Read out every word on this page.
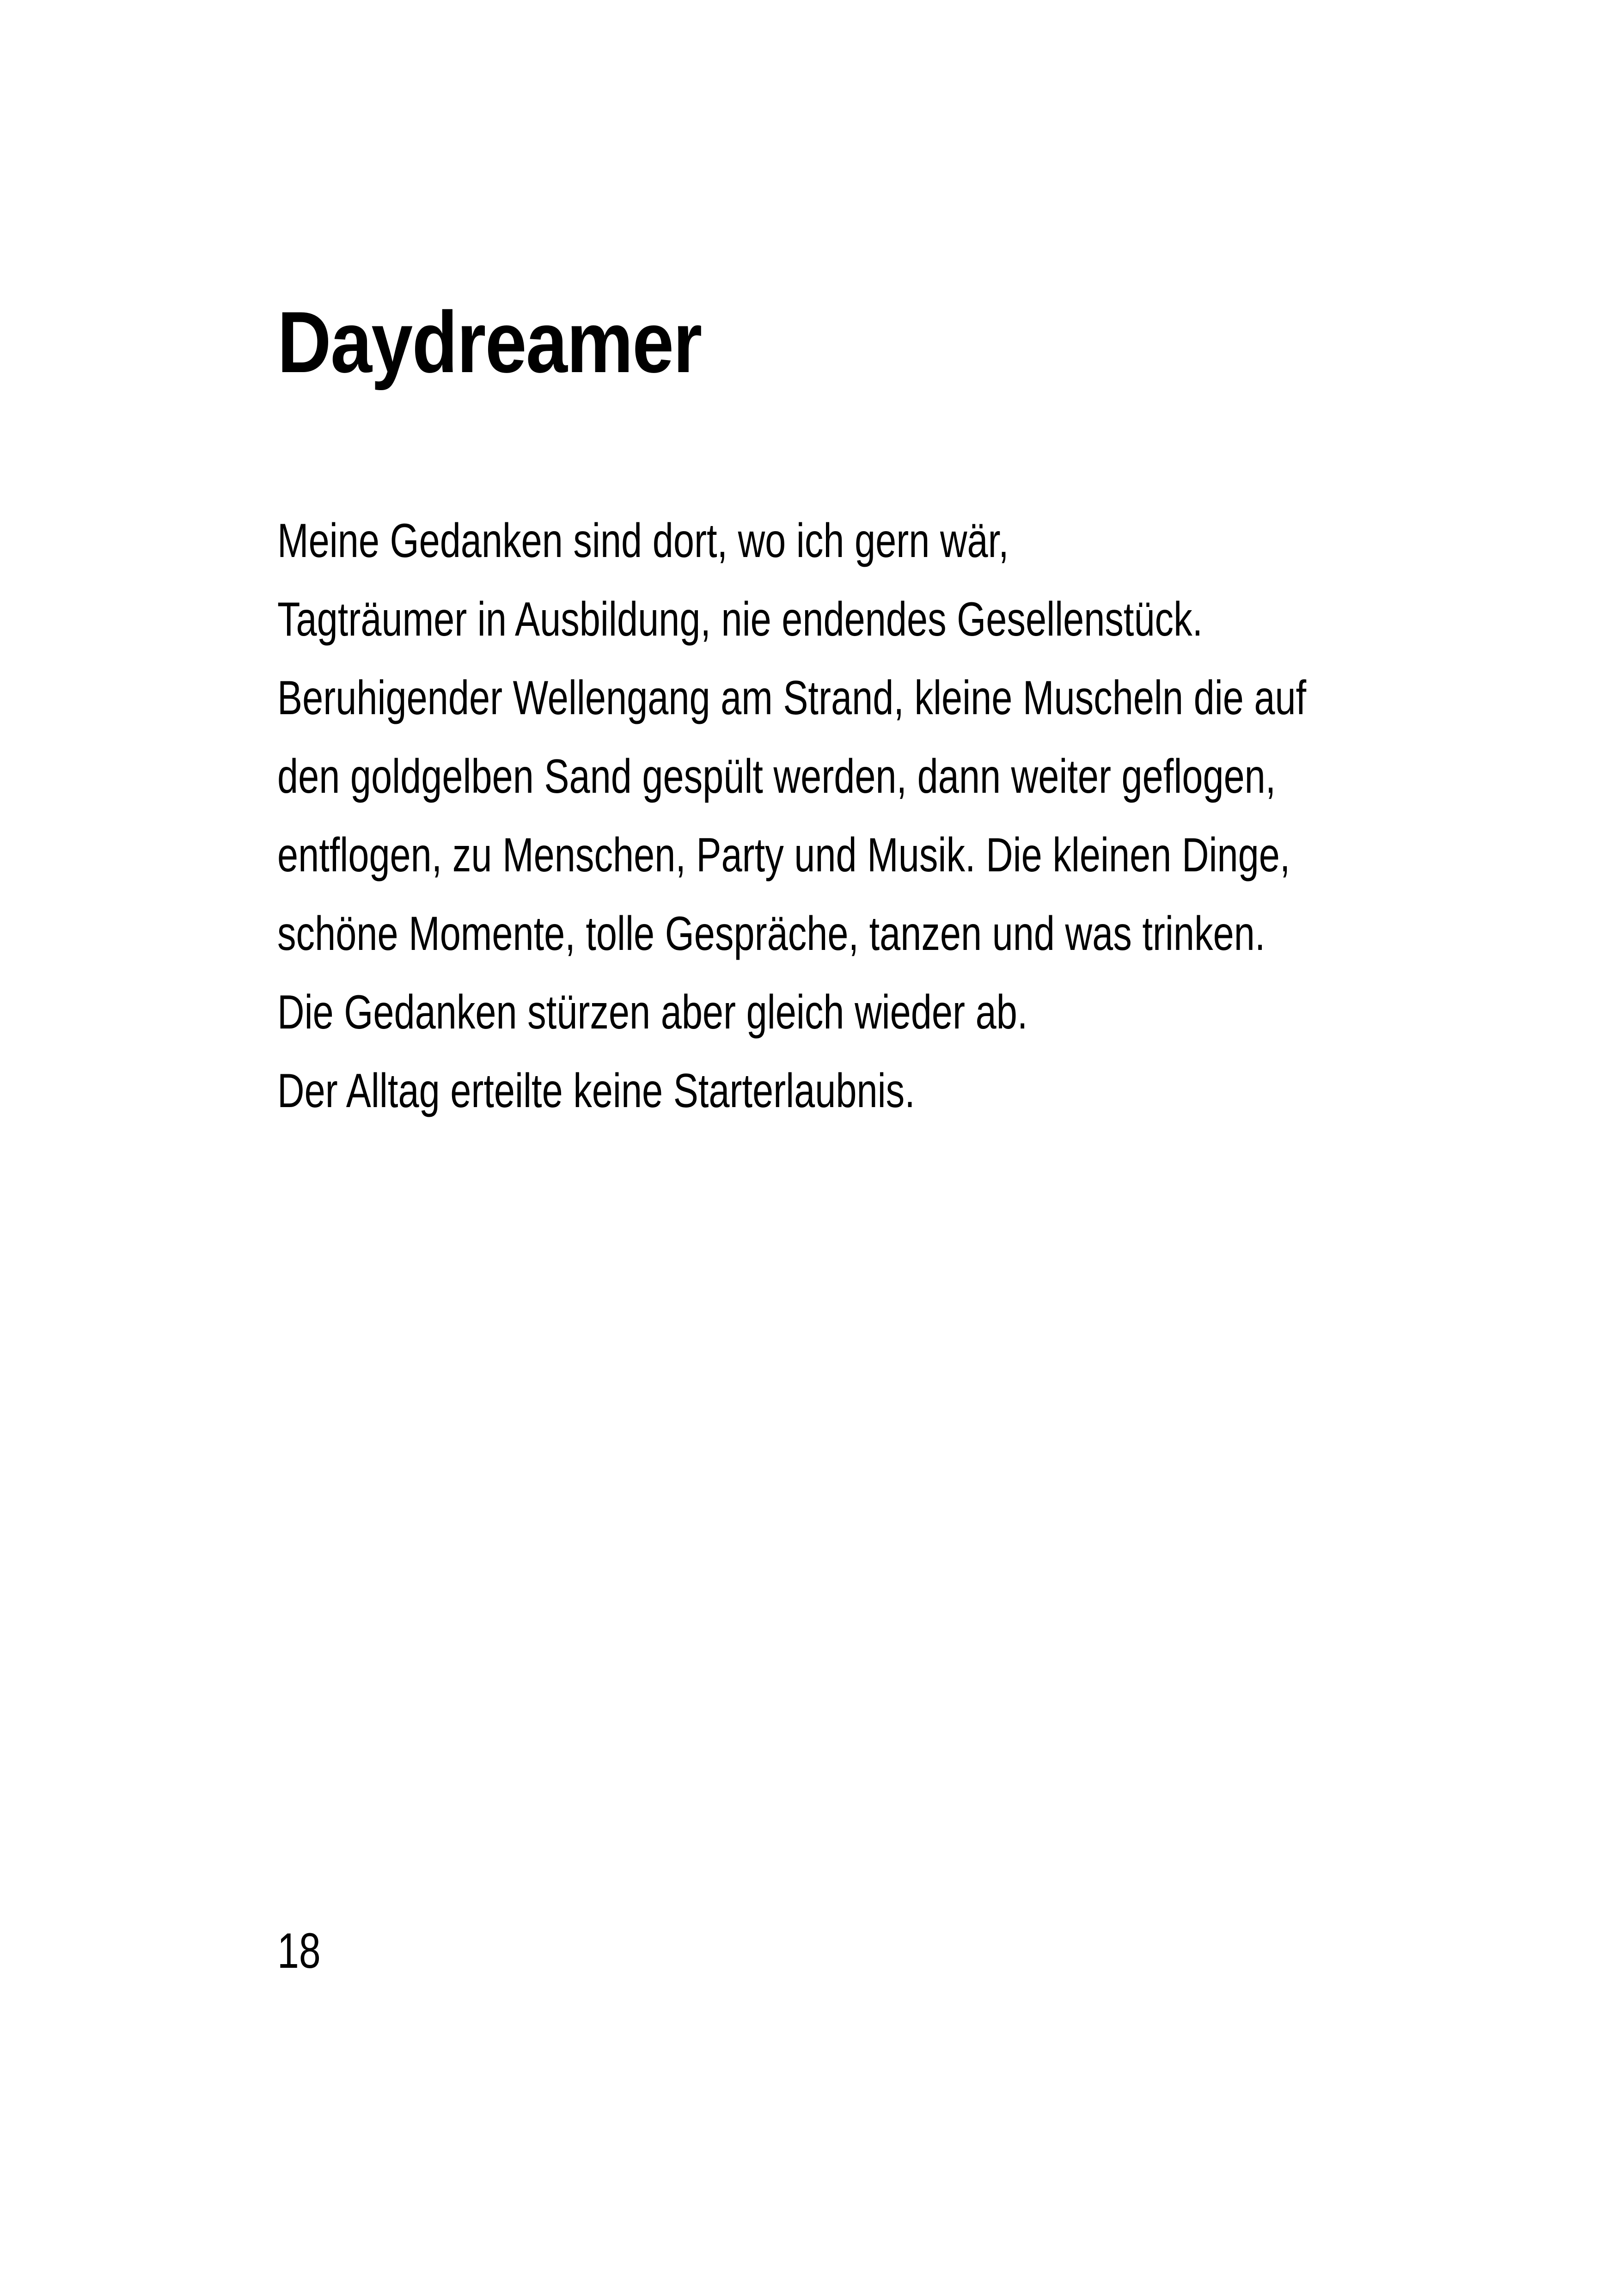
Daydreamer
Meine Gedanken sind dort, wo ich gern wär,
Tagträumer in Ausbildung, nie endendes Gesellenstück.
Beruhigender Wellengang am Strand, kleine Muscheln die auf
den goldgelben Sand gespült werden, dann weiter geflogen,
entflogen, zu Menschen, Party und Musik. Die kleinen Dinge,
schöne Momente, tolle Gespräche, tanzen und was trinken.
Die Gedanken stürzen aber gleich wieder ab.
Der Alltag erteilte keine Starterlaubnis.
18
